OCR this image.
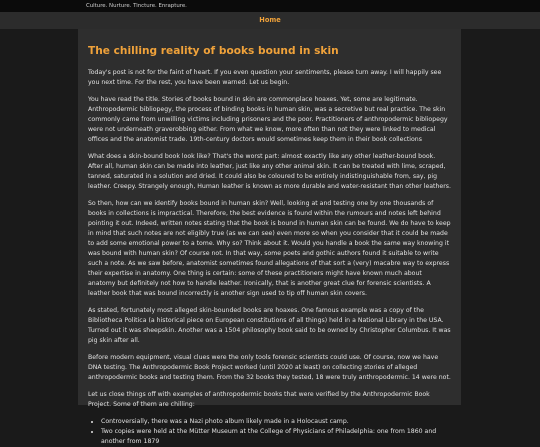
Culture. Nurture. Tincture. Enrapture.
Home
The chilling reality of books bound in skin

Today's post is not for the faint of heart. If you even question your sentiments, please turn away. I will happily see you next time. For the rest, you have been warned. Let us begin.

You have read the title. Stories of books bound in skin are commonplace hoaxes. Yet, some are legitimate. Anthropodermic bibliopegy, the process of binding books in human skin, was a secretive but real practice. The skin commonly came from unwilling victims including prisoners and the poor. Practitioners of anthropodermic bibliopegy were not underneath graverobbing either. From what we know, more often than not they were linked to medical offices and the anatomist trade. 19th-century doctors would sometimes keep them in their book collections

What does a skin-bound book look like? That's the worst part: almost exactly like any other leather-bound book. After all, human skin can be made into leather, just like any other animal skin. It can be treated with lime, scraped, tanned, saturated in a solution and dried. It could also be coloured to be entirely indistinguishable from, say, pig leather. Creepy. Strangely enough, Human leather is known as more durable and water-resistant than other leathers.

So then, how can we identify books bound in human skin? Well, looking at and testing one by one thousands of books in collections is impractical. Therefore, the best evidence is found within the rumours and notes left behind pointing it out. Indeed, written notes stating that the book is bound in human skin can be found. We do have to keep in mind that such notes are not eligibly true (as we can see) even more so when you consider that it could be made to add some emotional power to a tome. Why so? Think about it. Would you handle a book the same way knowing it was bound with human skin? Of course not. In that way, some poets and gothic authors found it suitable to write such a note. As we saw before, anatomist sometimes found allegations of that sort a (very) macabre way to express their expertise in anatomy. One thing is certain: some of these practitioners might have known much about anatomy but definitely not how to handle leather. Ironically, that is another great clue for forensic scientists. A leather book that was bound incorrectly is another sign used to tip off human skin covers.

As stated, fortunately most alleged skin-bounded books are hoaxes. One famous example was a copy of the Bibliotheca Politica (a historical piece on European constitutions of all things) held in a National Library in the USA. Turned out it was sheepskin. Another was a 1504 philosophy book said to be owned by Christopher Columbus. It was pig skin after all.

Before modern equipment, visual clues were the only tools forensic scientists could use. Of course, now we have DNA testing. The Anthropodermic Book Project worked (until 2020 at least) on collecting stories of alleged anthropodermic books and testing them. From the 32 books they tested, 18 were truly anthropodermic. 14 were not.

Let us close things off with examples of anthropodermic books that were verified by the Anthropodermic Book Project. Some of them are chilling:

• Controversially, there was a Nazi photo album likely made in a Holocaust camp.
• Two copies were held at the Mütter Museum at the College of Physicians of Philadelphia: one from 1860 and another from 1879
